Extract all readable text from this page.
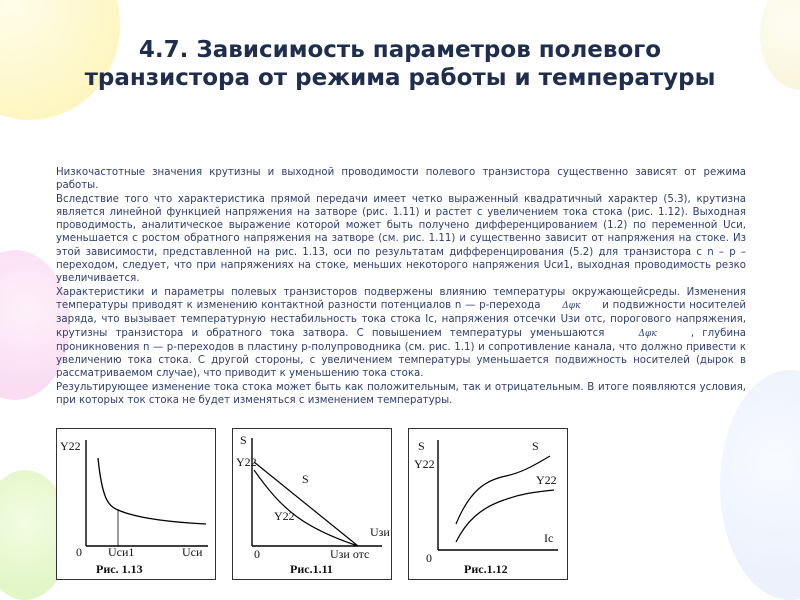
4.7. Зависимость параметров полевого транзистора от режима работы и температуры

Низкочастотные значения крутизны и выходной проводимости полевого транзистора существенно зависят от режима работы.

Вследствие того что характеристика прямой передачи имеет четко выраженный квадратичный характер (5.3), крутизна является линейной функцией напряжения на затворе (рис. 1.11) и растет с увеличением тока стока (рис. 1.12). Выходная проводимость, аналитическое выражение которой может быть получено дифференцированием (1.2) по переменной Uси, уменьшается с ростом обратного напряжения на затворе (см. рис. 1.11) и существенно зависит от напряжения на стоке. Из этой зависимости, представленной на рис. 1.13, оси по результатам дифференцирования (5.2) для транзистора с n – p – переходом, следует, что при напряжениях на стоке, меньших некоторого напряжения Uси1, выходная проводимость резко увеличивается.

Характеристики и параметры полевых транзисторов подвержены влиянию температуры окружающейсреды. Изменения температуры приводят к изменению контактной разности потенциалов n — p-перехода Δφк и подвижности носителей заряда, что вызывает температурную нестабильность тока стока Ic, напряжения отсечки Uзи отс, порогового напряжения, крутизны транзистора и обратного тока затвора. С повышением температуры уменьшаются	Δφк	, глубина проникновения n — p-переходов в пластину p-полупроводника (см. рис. 1.1) и сопротивление канала, что должно привести к увеличению тока стока. С другой стороны, с увеличением температуры уменьшается подвижность носителей (дырок в рассматриваемом случае), что приводит к уменьшению тока стока.

Результирующее изменение тока стока может быть как положительным, так и отрицательным. В итоге появляются условия, при которых ток стока не будет изменяться с изменением температуры.

Y22
0 Uси1	Uси
Рис. 1.13
S
Y22
S
Y22
Uзи
0	Uзи отс
Рис.1.11
S
Y22
S
Y22
0
Ic
Рис.1.12
